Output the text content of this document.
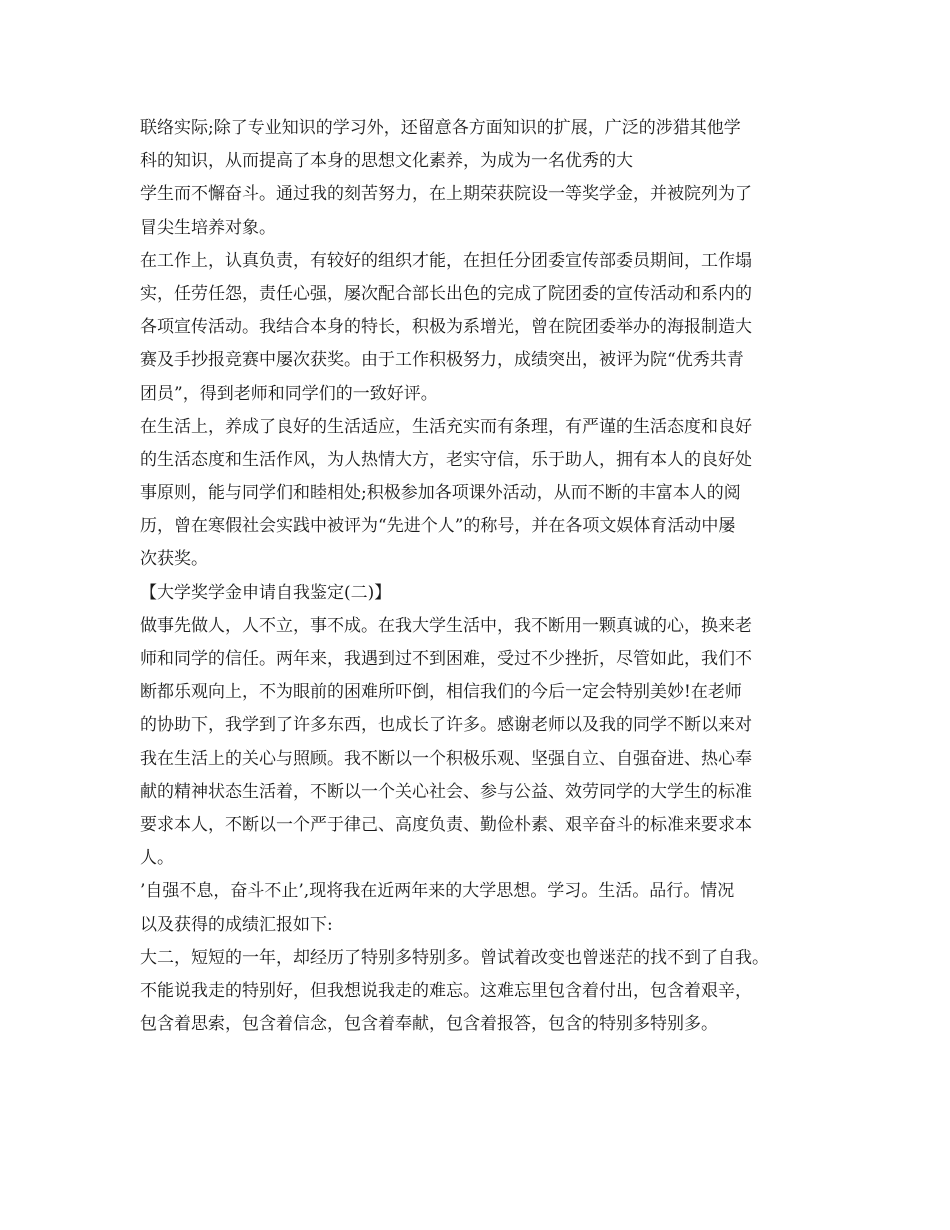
联络实际;除了专业知识的学习外，还留意各方面知识的扩展，广泛的涉猎其他学
科的知识，从而提高了本身的思想文化素养，为成为一名优秀的大
学生而不懈奋斗。通过我的刻苦努力，在上期荣获院设一等奖学金，并被院列为了
冒尖生培养对象。
在工作上，认真负责，有较好的组织才能，在担任分团委宣传部委员期间，工作塌
实，任劳任怨，责任心强，屡次配合部长出色的完成了院团委的宣传活动和系内的
各项宣传活动。我结合本身的特长，积极为系增光，曾在院团委举办的海报制造大
赛及手抄报竞赛中屡次获奖。由于工作积极努力，成绩突出，被评为院“优秀共青
团员”，得到老师和同学们的一致好评。
在生活上，养成了良好的生活适应，生活充实而有条理，有严谨的生活态度和良好
的生活态度和生活作风，为人热情大方，老实守信，乐于助人，拥有本人的良好处
事原则，能与同学们和睦相处;积极参加各项课外活动，从而不断的丰富本人的阅
历，曾在寒假社会实践中被评为“先进个人”的称号，并在各项文娱体育活动中屡
次获奖。
【大学奖学金申请自我鉴定(二)】
做事先做人，人不立，事不成。在我大学生活中，我不断用一颗真诚的心，换来老
师和同学的信任。两年来，我遇到过不到困难，受过不少挫折，尽管如此，我们不
断都乐观向上，不为眼前的困难所吓倒，相信我们的今后一定会特别美妙!在老师
的协助下，我学到了许多东西，也成长了许多。感谢老师以及我的同学不断以来对
我在生活上的关心与照顾。我不断以一个积极乐观、坚强自立、自强奋进、热心奉
献的精神状态生活着，不断以一个关心社会、参与公益、效劳同学的大学生的标准
要求本人，不断以一个严于律己、高度负责、勤俭朴素、艰辛奋斗的标准来要求本
人。
’自强不息，奋斗不止’,现将我在近两年来的大学思想。学习。生活。品行。情况
以及获得的成绩汇报如下:
大二，短短的一年，却经历了特别多特别多。曾试着改变也曾迷茫的找不到了自我。
不能说我走的特别好，但我想说我走的难忘。这难忘里包含着付出，包含着艰辛，
包含着思索，包含着信念，包含着奉献，包含着报答，包含的特别多特别多。
